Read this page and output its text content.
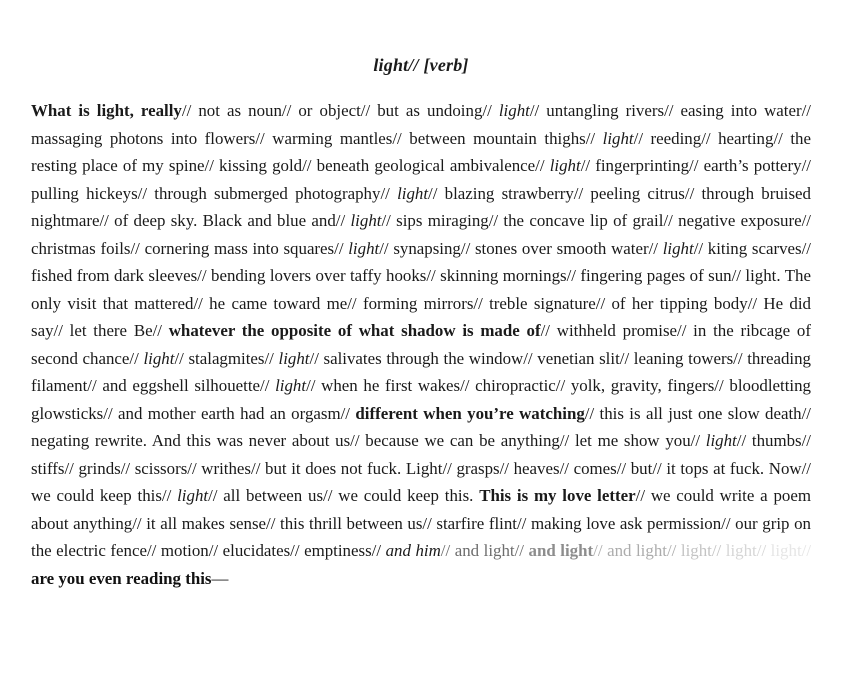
light// [verb]

What is light, really// not as noun// or object// but as undoing// light// untangling rivers// easing into water// massaging photons into flowers// warming mantles// between mountain thighs// light// reeding// hearting// the resting place of my spine// kissing gold// beneath geological ambivalence// light// fingerprinting// earth’s pottery// pulling hickeys// through submerged photography// light// blazing strawberry// peeling citrus// through bruised nightmare// of deep sky. Black and blue and// light// sips miraging// the concave lip of grail// negative exposure// christmas foils// cornering mass into squares// light// synapsing// stones over smooth water// light// kiting scarves// fished from dark sleeves// bending lovers over taffy hooks// skinning mornings// fingering pages of sun// light. The only visit that mattered// he came toward me// forming mirrors// treble signature// of her tipping body// He did say// let there Be// whatever the opposite of what shadow is made of// withheld promise// in the ribcage of second chance// light// stalagmites// light// salivates through the window// venetian slit// leaning towers// threading filament// and eggshell silhouette// light// when he first wakes// chiropractic// yolk, gravity, fingers// bloodletting glowsticks// and mother earth had an orgasm// different when you’re watching// this is all just one slow death// negating rewrite. And this was never about us// because we can be anything// let me show you// light// thumbs// stiffs// grinds// scissors// writhes// but it does not fuck. Light// grasps// heaves// comes// but// it tops at fuck. Now// we could keep this// light// all between us// we could keep this. This is my love letter// we could write a poem about anything// it all makes sense// this thrill between us// starfire flint// making love ask permission// our grip on the electric fence// motion// elucidates// emptiness// and him// and light// and light// and light// light// light// light// are you even reading this—
